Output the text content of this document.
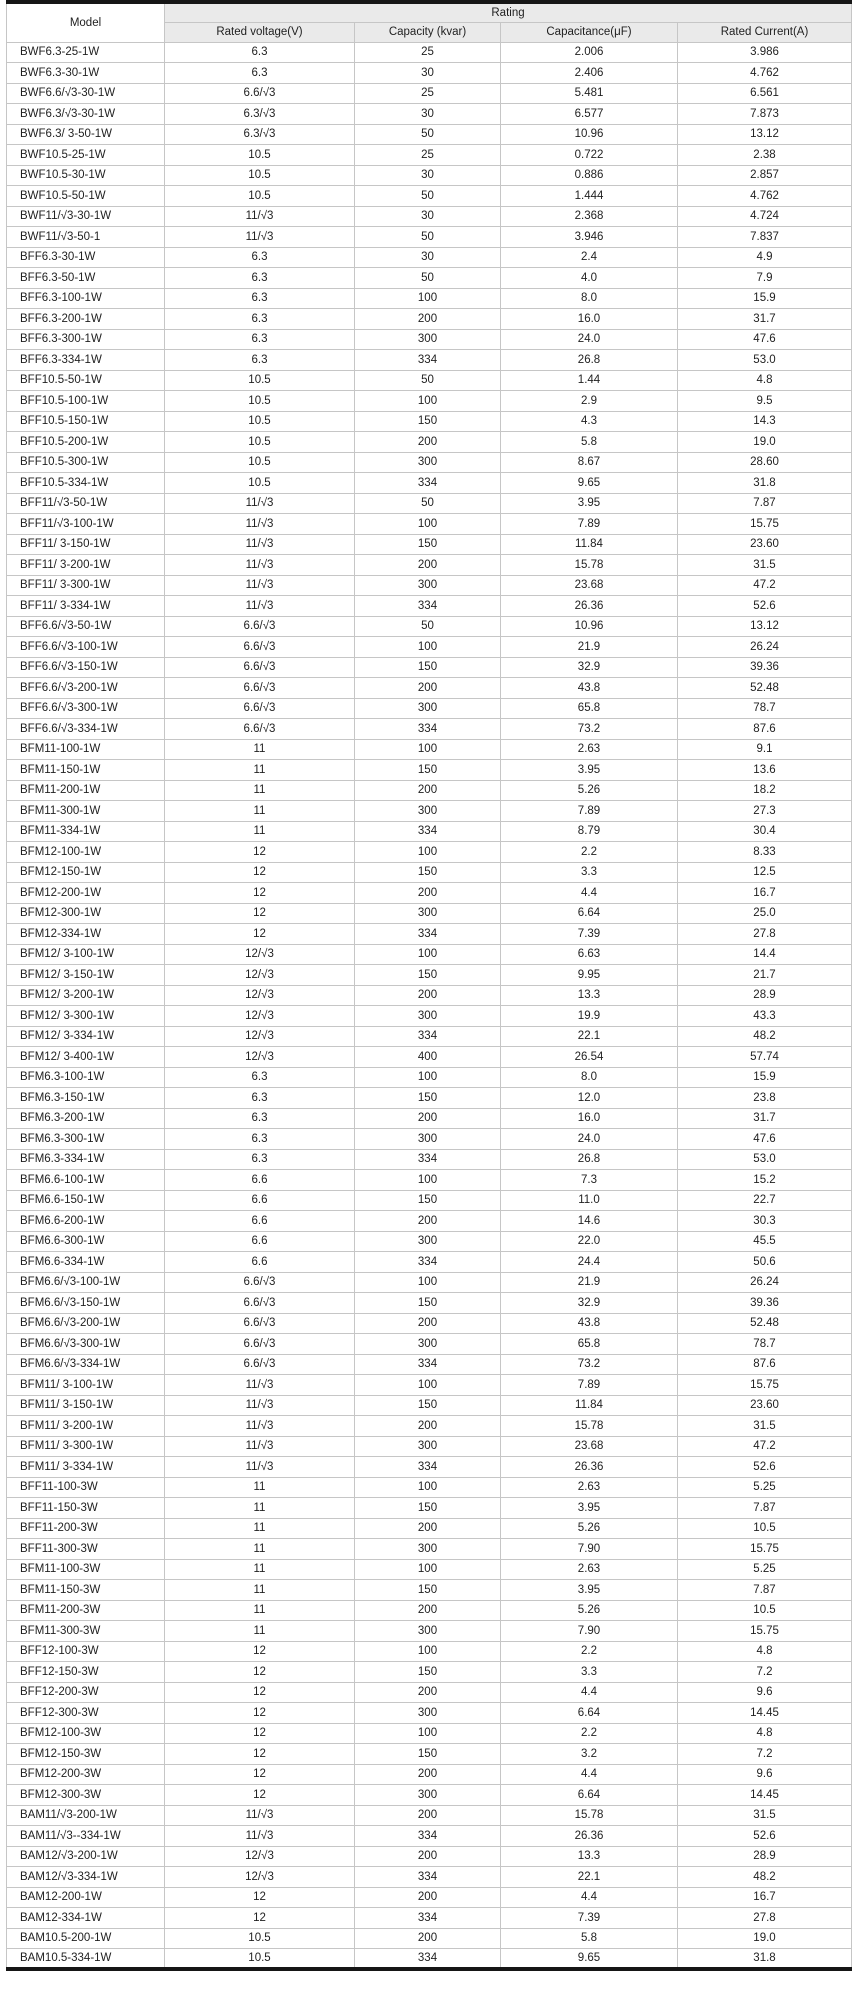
Model	Rating			
	Rated voltage(V)	Capacity (kvar)	Capacitance(μF)	Rated Current(A)
BWF6.3-25-1W	6.3	25	2.006	3.986
BWF6.3-30-1W	6.3	30	2.406	4.762
BWF6.6/√3-30-1W	6.6/√3	25	5.481	6.561
BWF6.3/√3-30-1W	6.3/√3	30	6.577	7.873
BWF6.3/ 3-50-1W	6.3/√3	50	10.96	13.12
BWF10.5-25-1W	10.5	25	0.722	2.38
BWF10.5-30-1W	10.5	30	0.886	2.857
BWF10.5-50-1W	10.5	50	1.444	4.762
BWF11/√3-30-1W	11/√3	30	2.368	4.724
BWF11/√3-50-1	11/√3	50	3.946	7.837
BFF6.3-30-1W	6.3	30	2.4	4.9
BFF6.3-50-1W	6.3	50	4.0	7.9
BFF6.3-100-1W	6.3	100	8.0	15.9
BFF6.3-200-1W	6.3	200	16.0	31.7
BFF6.3-300-1W	6.3	300	24.0	47.6
BFF6.3-334-1W	6.3	334	26.8	53.0
BFF10.5-50-1W	10.5	50	1.44	4.8
BFF10.5-100-1W	10.5	100	2.9	9.5
BFF10.5-150-1W	10.5	150	4.3	14.3
BFF10.5-200-1W	10.5	200	5.8	19.0
BFF10.5-300-1W	10.5	300	8.67	28.60
BFF10.5-334-1W	10.5	334	9.65	31.8
BFF11/√3-50-1W	11/√3	50	3.95	7.87
BFF11/√3-100-1W	11/√3	100	7.89	15.75
BFF11/ 3-150-1W	11/√3	150	11.84	23.60
BFF11/ 3-200-1W	11/√3	200	15.78	31.5
BFF11/ 3-300-1W	11/√3	300	23.68	47.2
BFF11/ 3-334-1W	11/√3	334	26.36	52.6
BFF6.6/√3-50-1W	6.6/√3	50	10.96	13.12
BFF6.6/√3-100-1W	6.6/√3	100	21.9	26.24
BFF6.6/√3-150-1W	6.6/√3	150	32.9	39.36
BFF6.6/√3-200-1W	6.6/√3	200	43.8	52.48
BFF6.6/√3-300-1W	6.6/√3	300	65.8	78.7
BFF6.6/√3-334-1W	6.6/√3	334	73.2	87.6
BFM11-100-1W	11	100	2.63	9.1
BFM11-150-1W	11	150	3.95	13.6
BFM11-200-1W	11	200	5.26	18.2
BFM11-300-1W	11	300	7.89	27.3
BFM11-334-1W	11	334	8.79	30.4
BFM12-100-1W	12	100	2.2	8.33
BFM12-150-1W	12	150	3.3	12.5
BFM12-200-1W	12	200	4.4	16.7
BFM12-300-1W	12	300	6.64	25.0
BFM12-334-1W	12	334	7.39	27.8
BFM12/ 3-100-1W	12/√3	100	6.63	14.4
BFM12/ 3-150-1W	12/√3	150	9.95	21.7
BFM12/ 3-200-1W	12/√3	200	13.3	28.9
BFM12/ 3-300-1W	12/√3	300	19.9	43.3
BFM12/ 3-334-1W	12/√3	334	22.1	48.2
BFM12/ 3-400-1W	12/√3	400	26.54	57.74
BFM6.3-100-1W	6.3	100	8.0	15.9
BFM6.3-150-1W	6.3	150	12.0	23.8
BFM6.3-200-1W	6.3	200	16.0	31.7
BFM6.3-300-1W	6.3	300	24.0	47.6
BFM6.3-334-1W	6.3	334	26.8	53.0
BFM6.6-100-1W	6.6	100	7.3	15.2
BFM6.6-150-1W	6.6	150	11.0	22.7
BFM6.6-200-1W	6.6	200	14.6	30.3
BFM6.6-300-1W	6.6	300	22.0	45.5
BFM6.6-334-1W	6.6	334	24.4	50.6
BFM6.6/√3-100-1W	6.6/√3	100	21.9	26.24
BFM6.6/√3-150-1W	6.6/√3	150	32.9	39.36
BFM6.6/√3-200-1W	6.6/√3	200	43.8	52.48
BFM6.6/√3-300-1W	6.6/√3	300	65.8	78.7
BFM6.6/√3-334-1W	6.6/√3	334	73.2	87.6
BFM11/ 3-100-1W	11/√3	100	7.89	15.75
BFM11/ 3-150-1W	11/√3	150	11.84	23.60
BFM11/ 3-200-1W	11/√3	200	15.78	31.5
BFM11/ 3-300-1W	11/√3	300	23.68	47.2
BFM11/ 3-334-1W	11/√3	334	26.36	52.6
BFF11-100-3W	11	100	2.63	5.25
BFF11-150-3W	11	150	3.95	7.87
BFF11-200-3W	11	200	5.26	10.5
BFF11-300-3W	11	300	7.90	15.75
BFM11-100-3W	11	100	2.63	5.25
BFM11-150-3W	11	150	3.95	7.87
BFM11-200-3W	11	200	5.26	10.5
BFM11-300-3W	11	300	7.90	15.75
BFF12-100-3W	12	100	2.2	4.8
BFF12-150-3W	12	150	3.3	7.2
BFF12-200-3W	12	200	4.4	9.6
BFF12-300-3W	12	300	6.64	14.45
BFM12-100-3W	12	100	2.2	4.8
BFM12-150-3W	12	150	3.2	7.2
BFM12-200-3W	12	200	4.4	9.6
BFM12-300-3W	12	300	6.64	14.45
BAM11/√3-200-1W	11/√3	200	15.78	31.5
BAM11/√3--334-1W	11/√3	334	26.36	52.6
BAM12/√3-200-1W	12/√3	200	13.3	28.9
BAM12/√3-334-1W	12/√3	334	22.1	48.2
BAM12-200-1W	12	200	4.4	16.7
BAM12-334-1W	12	334	7.39	27.8
BAM10.5-200-1W	10.5	200	5.8	19.0
BAM10.5-334-1W	10.5	334	9.65	31.8
